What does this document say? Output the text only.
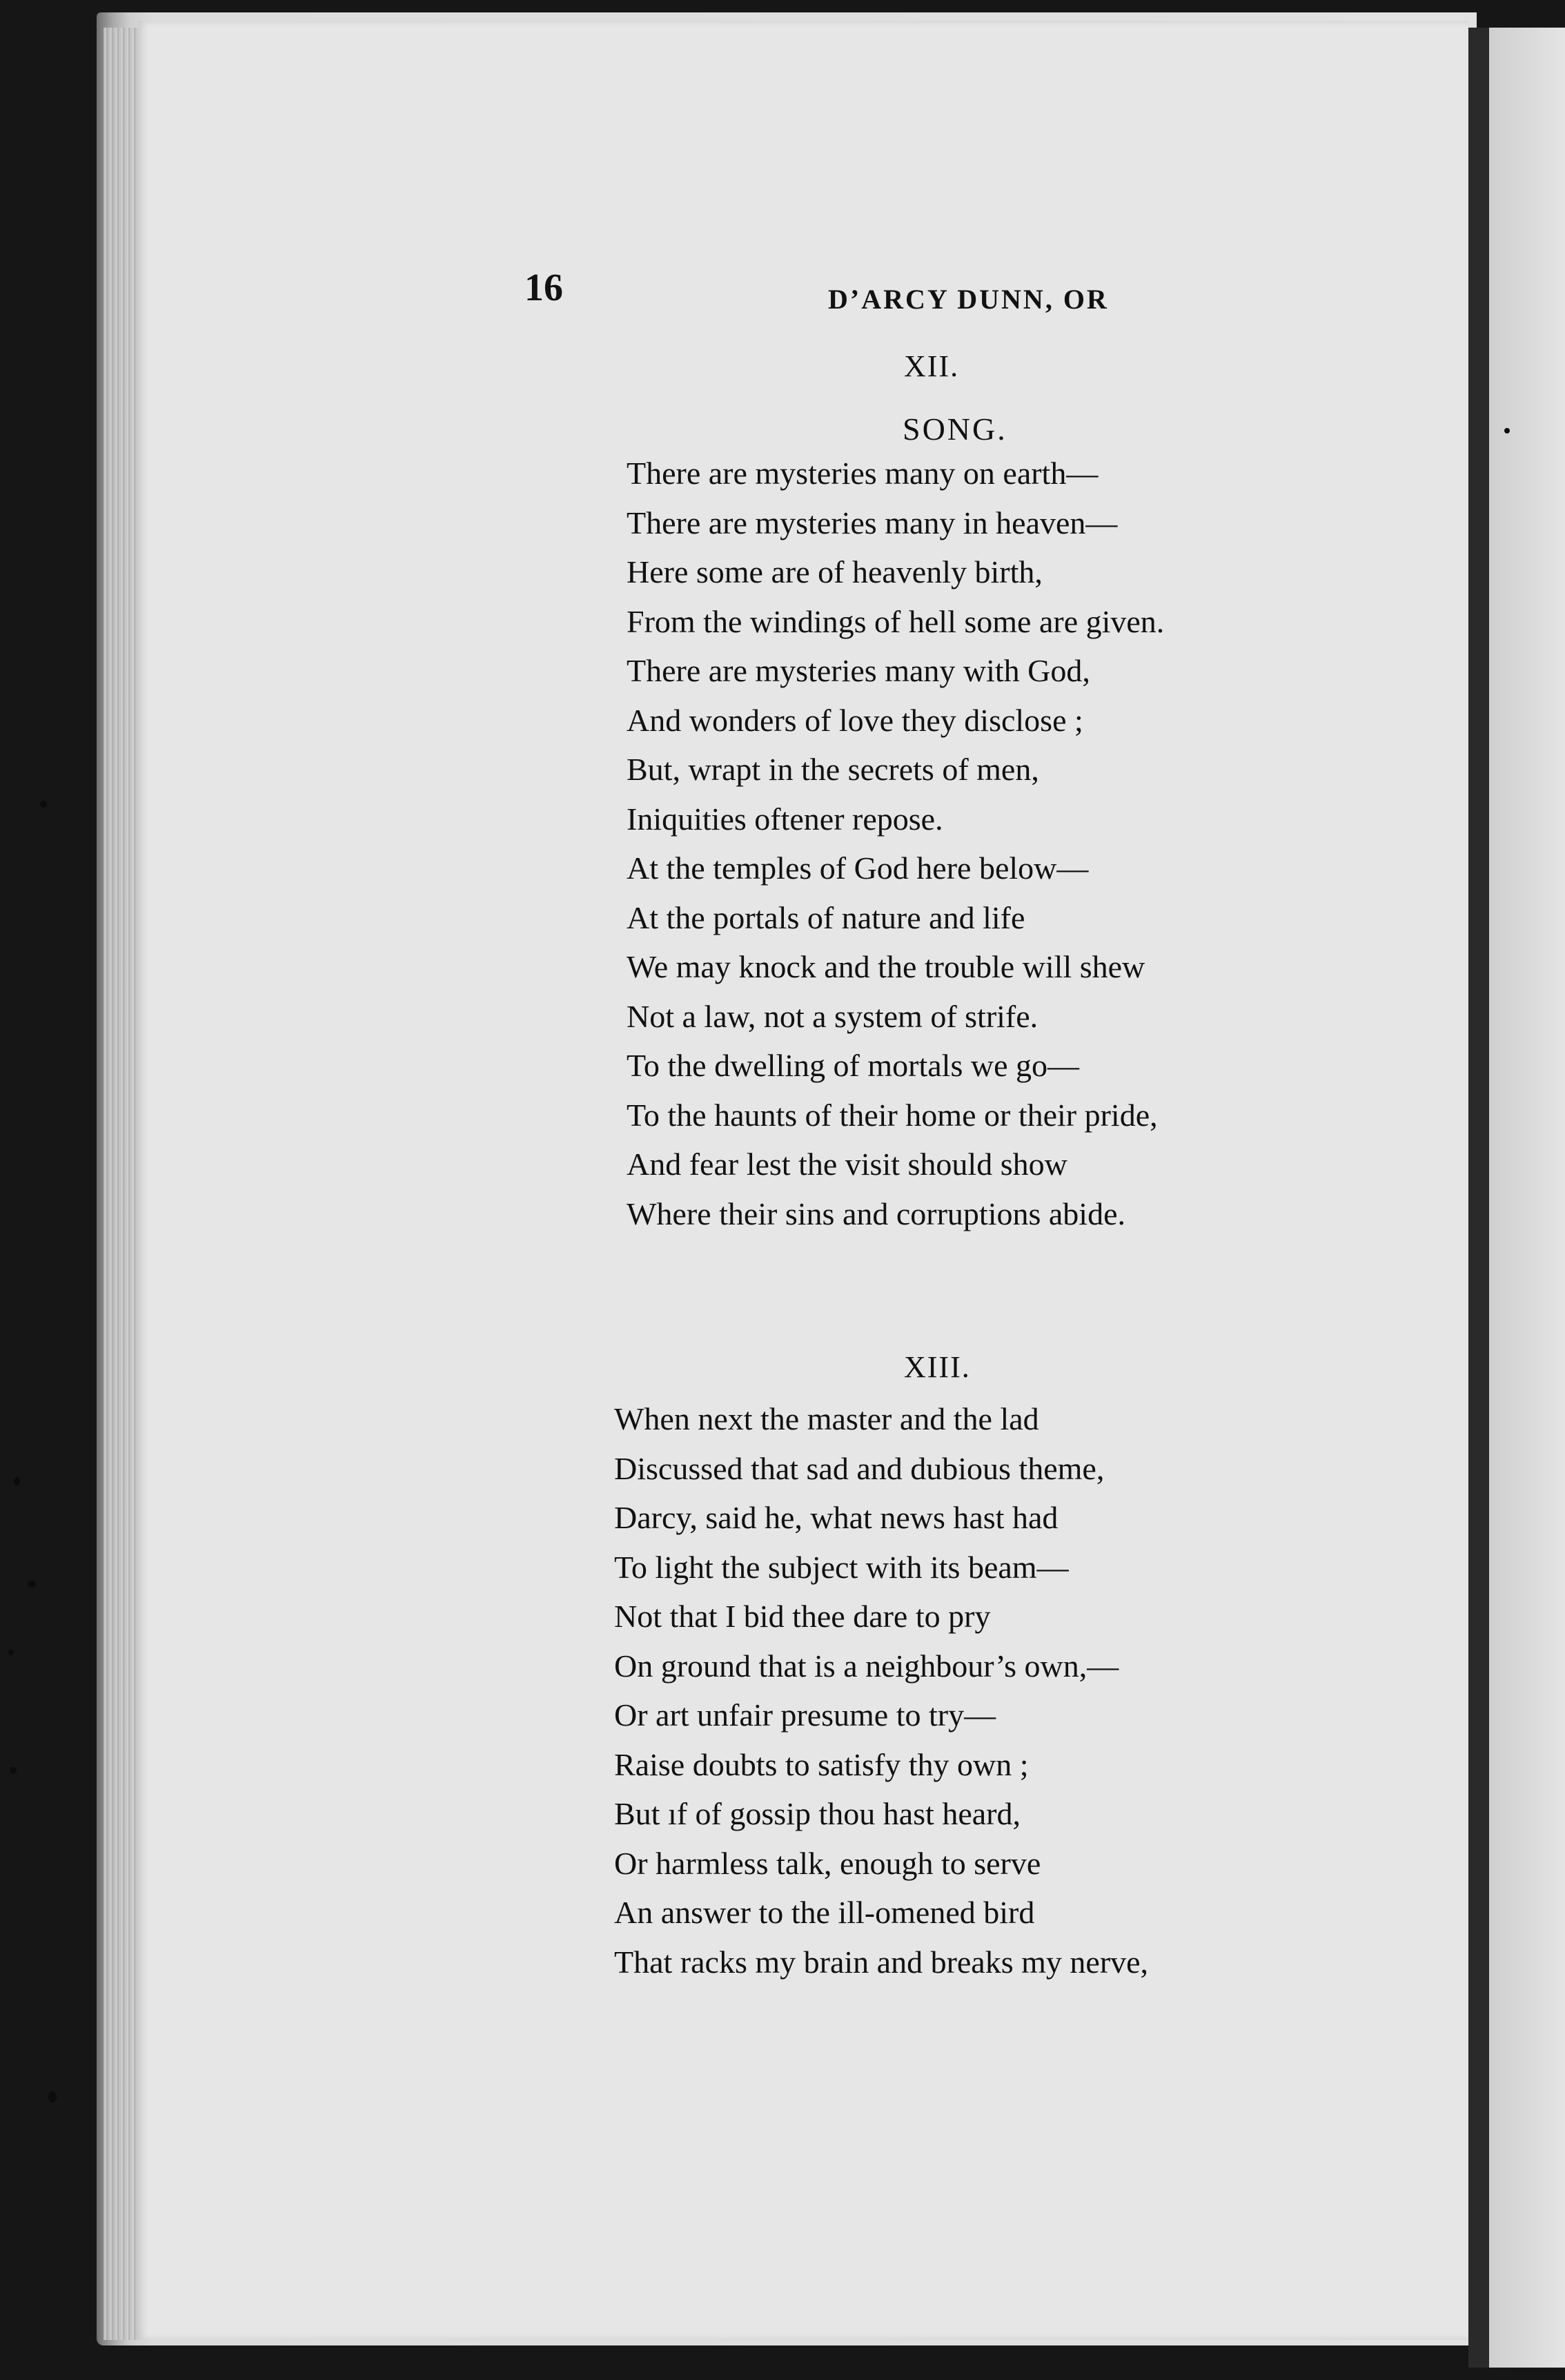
16	D’ARCY DUNN, OR
XII.
SONG.
There are mysteries many on earth—
There are mysteries many in heaven—
Here some are of heavenly birth,
From the windings of hell some are given.
There are mysteries many with God,
And wonders of love they disclose ;
But, wrapt in the secrets of men,
Iniquities oftener repose.
At the temples of God here below—
At the portals of nature and life
We may knock and the trouble will shew
Not a law, not a system of strife.
To the dwelling of mortals we go—
To the haunts of their home or their pride,
And fear lest the visit should show
Where their sins and corruptions abide.
XIII.
When next the master and the lad
Discussed that sad and dubious theme,
Darcy, said he, what news hast had
To light the subject with its beam—
Not that I bid thee dare to pry
On ground that is a neighbour’s own,—
Or art unfair presume to try—
Raise doubts to satisfy thy own ;
But ıf of gossip thou hast heard,
Or harmless talk, enough to serve
An answer to the ill-omened bird
That racks my brain and breaks my nerve,
